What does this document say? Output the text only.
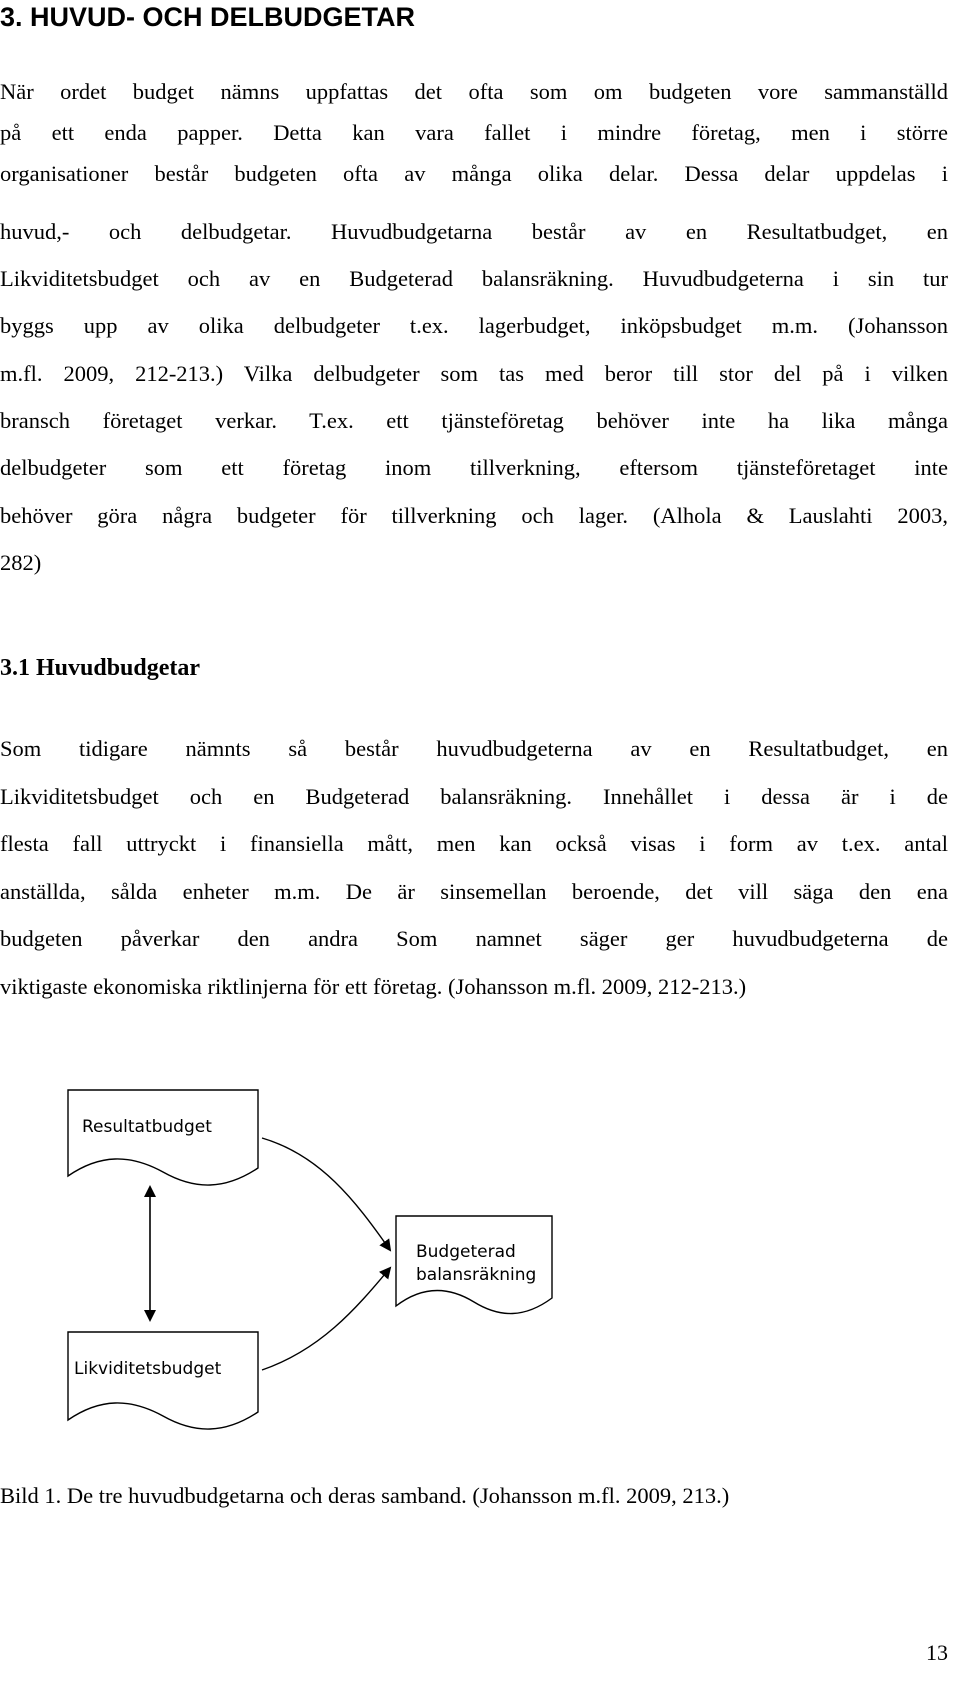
3. HUVUD- OCH DELBUDGETAR
När ordet budget nämns uppfattas det ofta som om budgeten vore sammanställd
på ett enda papper. Detta kan vara fallet i mindre företag, men i större
organisationer består budgeten ofta av många olika delar. Dessa delar uppdelas i
huvud,- och delbudgetar. Huvudbudgetarna består av en Resultatbudget, en
Likviditetsbudget och av en Budgeterad balansräkning. Huvudbudgeterna i sin tur
byggs upp av olika delbudgeter t.ex. lagerbudget, inköpsbudget m.m. (Johansson
m.fl. 2009, 212-213.) Vilka delbudgeter som tas med beror till stor del på i vilken
bransch företaget verkar. T.ex. ett tjänsteföretag behöver inte ha lika många
delbudgeter som ett företag inom tillverkning, eftersom tjänsteföretaget inte
behöver göra några budgeter för tillverkning och lager. (Alhola & Lauslahti 2003,
282)
3.1 Huvudbudgetar
Som tidigare nämnts så består huvudbudgeterna av en Resultatbudget, en
Likviditetsbudget och en Budgeterad balansräkning. Innehållet i dessa är i de
flesta fall uttryckt i finansiella mått, men kan också visas i form av t.ex. antal
anställda, sålda enheter m.m. De är sinsemellan beroende, det vill säga den ena
budgeten påverkar den andra Som namnet säger ger huvudbudgeterna de
viktigaste ekonomiska riktlinjerna för ett företag. (Johansson m.fl. 2009, 212-213.)
Resultatbudget
Likviditetsbudget
Budgeterad
balansräkning

Bild 1. De tre huvudbudgetarna och deras samband. (Johansson m.fl. 2009, 213.)

13
